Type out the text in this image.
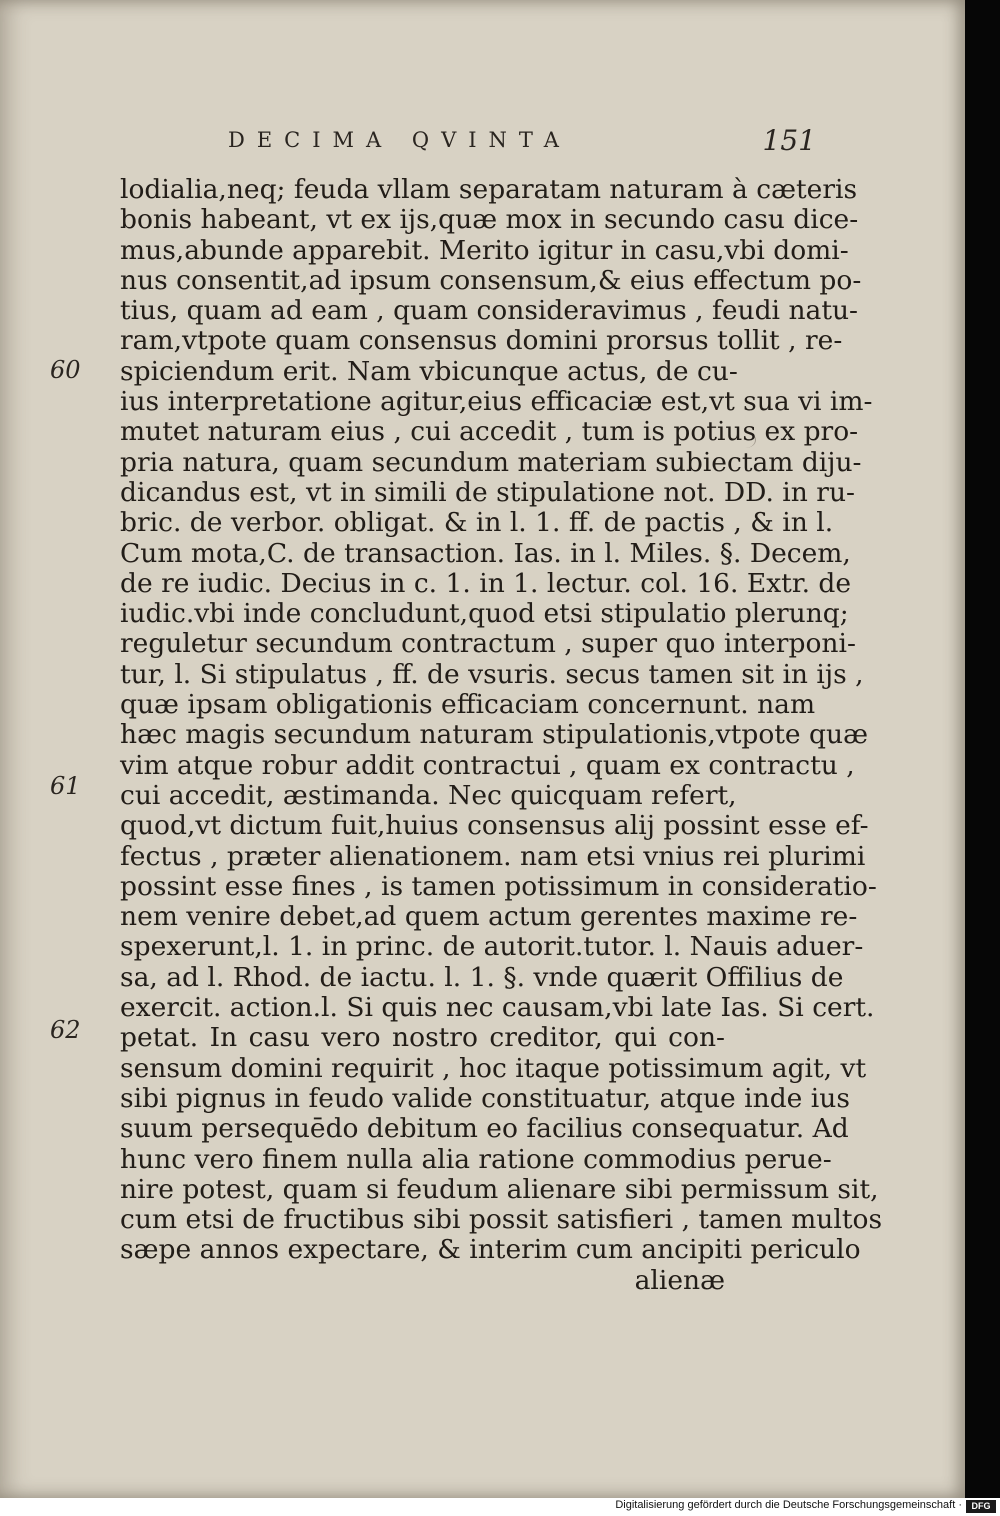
DECIMA QVINTA	151
60
61
62
lodialia,neq; feuda vllam separatam naturam à cæteris
bonis habeant, vt ex ijs,quæ mox in secundo casu dice-
mus,abunde apparebit. Merito igitur in casu,vbi domi-
nus consentit,ad ipsum consensum,& eius effectum po-
tius, quam ad eam , quam consideravimus , feudi natu-
ram,vtpote quam consensus domini prorsus tollit , re-
spiciendum erit. Nam vbicunque actus, de cu-
ius interpretatione agitur,eius efficaciæ est,vt sua vi im-
mutet naturam eius , cui accedit , tum is potius ex pro-
pria natura, quam secundum materiam subiectam diju-
dicandus est, vt in simili de stipulatione not. DD. in ru-
bric. de verbor. obligat. & in l. 1. ff. de pactis , & in l.
Cum mota,C. de transaction. Ias. in l. Miles. §. Decem,
de re iudic. Decius in c. 1. in 1. lectur. col. 16. Extr. de
iudic.vbi inde concludunt,quod etsi stipulatio plerunq;
reguletur secundum contractum , super quo interponi-
tur, l. Si stipulatus , ff. de vsuris. secus tamen sit in ijs ,
quæ ipsam obligationis efficaciam concernunt. nam
hæc magis secundum naturam stipulationis,vtpote quæ
vim atque robur addit contractui , quam ex contractu ,
cui accedit, æstimanda. Nec quicquam refert,
quod,vt dictum fuit,huius consensus alij possint esse ef-
fectus , præter alienationem. nam etsi vnius rei plurimi
possint esse fines , is tamen potissimum in consideratio-
nem venire debet,ad quem actum gerentes maxime re-
spexerunt,l. 1. in princ. de autorit.tutor. l. Nauis aduer-
sa, ad l. Rhod. de iactu. l. 1. §. vnde quærit Offilius de
exercit. action.l. Si quis nec causam,vbi late Ias. Si cert.
petat. In casu vero nostro creditor, qui con-
sensum domini requirit , hoc itaque potissimum agit, vt
sibi pignus in feudo valide constituatur, atque inde ius
suum persequēdo debitum eo facilius consequatur. Ad
hunc vero finem nulla alia ratione commodius perue-
nire potest, quam si feudum alienare sibi permissum sit,
cum etsi de fructibus sibi possit satisfieri , tamen multos
sæpe annos expectare, & interim cum ancipiti periculo
alienæ
Digitalisierung gefördert durch die Deutsche Forschungsgemeinschaft ·	DFG
